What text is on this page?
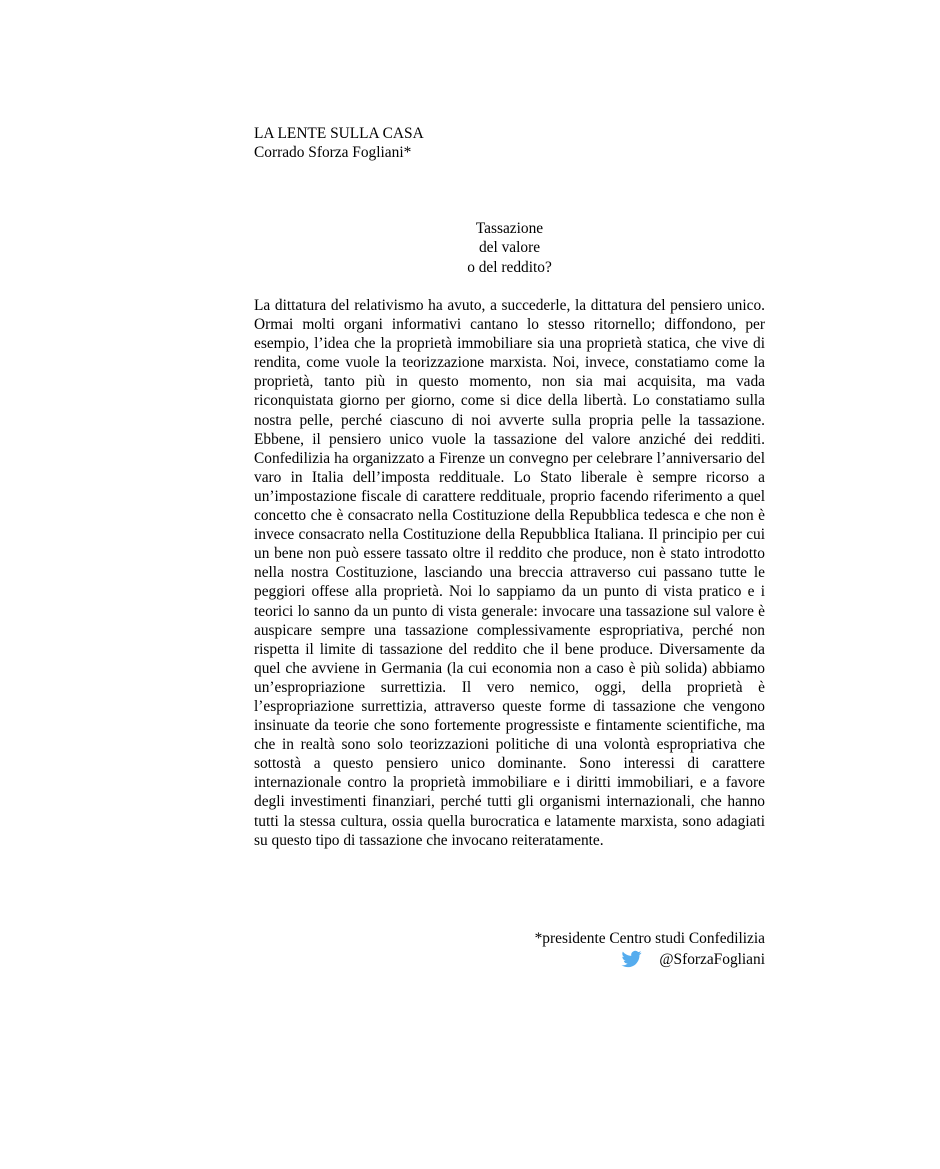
LA LENTE SULLA CASA
Corrado Sforza Fogliani*
Tassazione
del valore
o del reddito?
La dittatura del relativismo ha avuto, a succederle, la dittatura del pensiero unico. Ormai molti organi informativi cantano lo stesso ritornello; diffondono, per esempio, l’idea che la proprietà immobiliare sia una proprietà statica, che vive di rendita, come vuole la teorizzazione marxista. Noi, invece, constatiamo come la proprietà, tanto più in questo momento, non sia mai acquisita, ma vada riconquistata giorno per giorno, come si dice della libertà. Lo constatiamo sulla nostra pelle, perché ciascuno di noi avverte sulla propria pelle la tassazione. Ebbene, il pensiero unico vuole la tassazione del valore anziché dei redditi. Confedilizia ha organizzato a Firenze un convegno per celebrare l’anniversario del varo in Italia dell’imposta reddituale. Lo Stato liberale è sempre ricorso a un’impostazione fiscale di carattere reddituale, proprio facendo riferimento a quel concetto che è consacrato nella Costituzione della Repubblica tedesca e che non è invece consacrato nella Costituzione della Repubblica Italiana. Il principio per cui un bene non può essere tassato oltre il reddito che produce, non è stato introdotto nella nostra Costituzione, lasciando una breccia attraverso cui passano tutte le peggiori offese alla proprietà. Noi lo sappiamo da un punto di vista pratico e i teorici lo sanno da un punto di vista generale: invocare una tassazione sul valore è auspicare sempre una tassazione complessivamente espropriativa, perché non rispetta il limite di tassazione del reddito che il bene produce. Diversamente da quel che avviene in Germania (la cui economia non a caso è più solida) abbiamo un’espropriazione surrettizia. Il vero nemico, oggi, della proprietà è l’espropriazione surrettizia, attraverso queste forme di tassazione che vengono insinuate da teorie che sono fortemente progressiste e fintamente scientifiche, ma che in realtà sono solo teorizzazioni politiche di una volontà espropriativa che sottostà a questo pensiero unico dominante. Sono interessi di carattere internazionale contro la proprietà immobiliare e i diritti immobiliari, e a favore degli investimenti finanziari, perché tutti gli organismi internazionali, che hanno tutti la stessa cultura, ossia quella burocratica e latamente marxista, sono adagiati su questo tipo di tassazione che invocano reiteratamente.
*presidente Centro studi Confedilizia
@SforzaFogliani
